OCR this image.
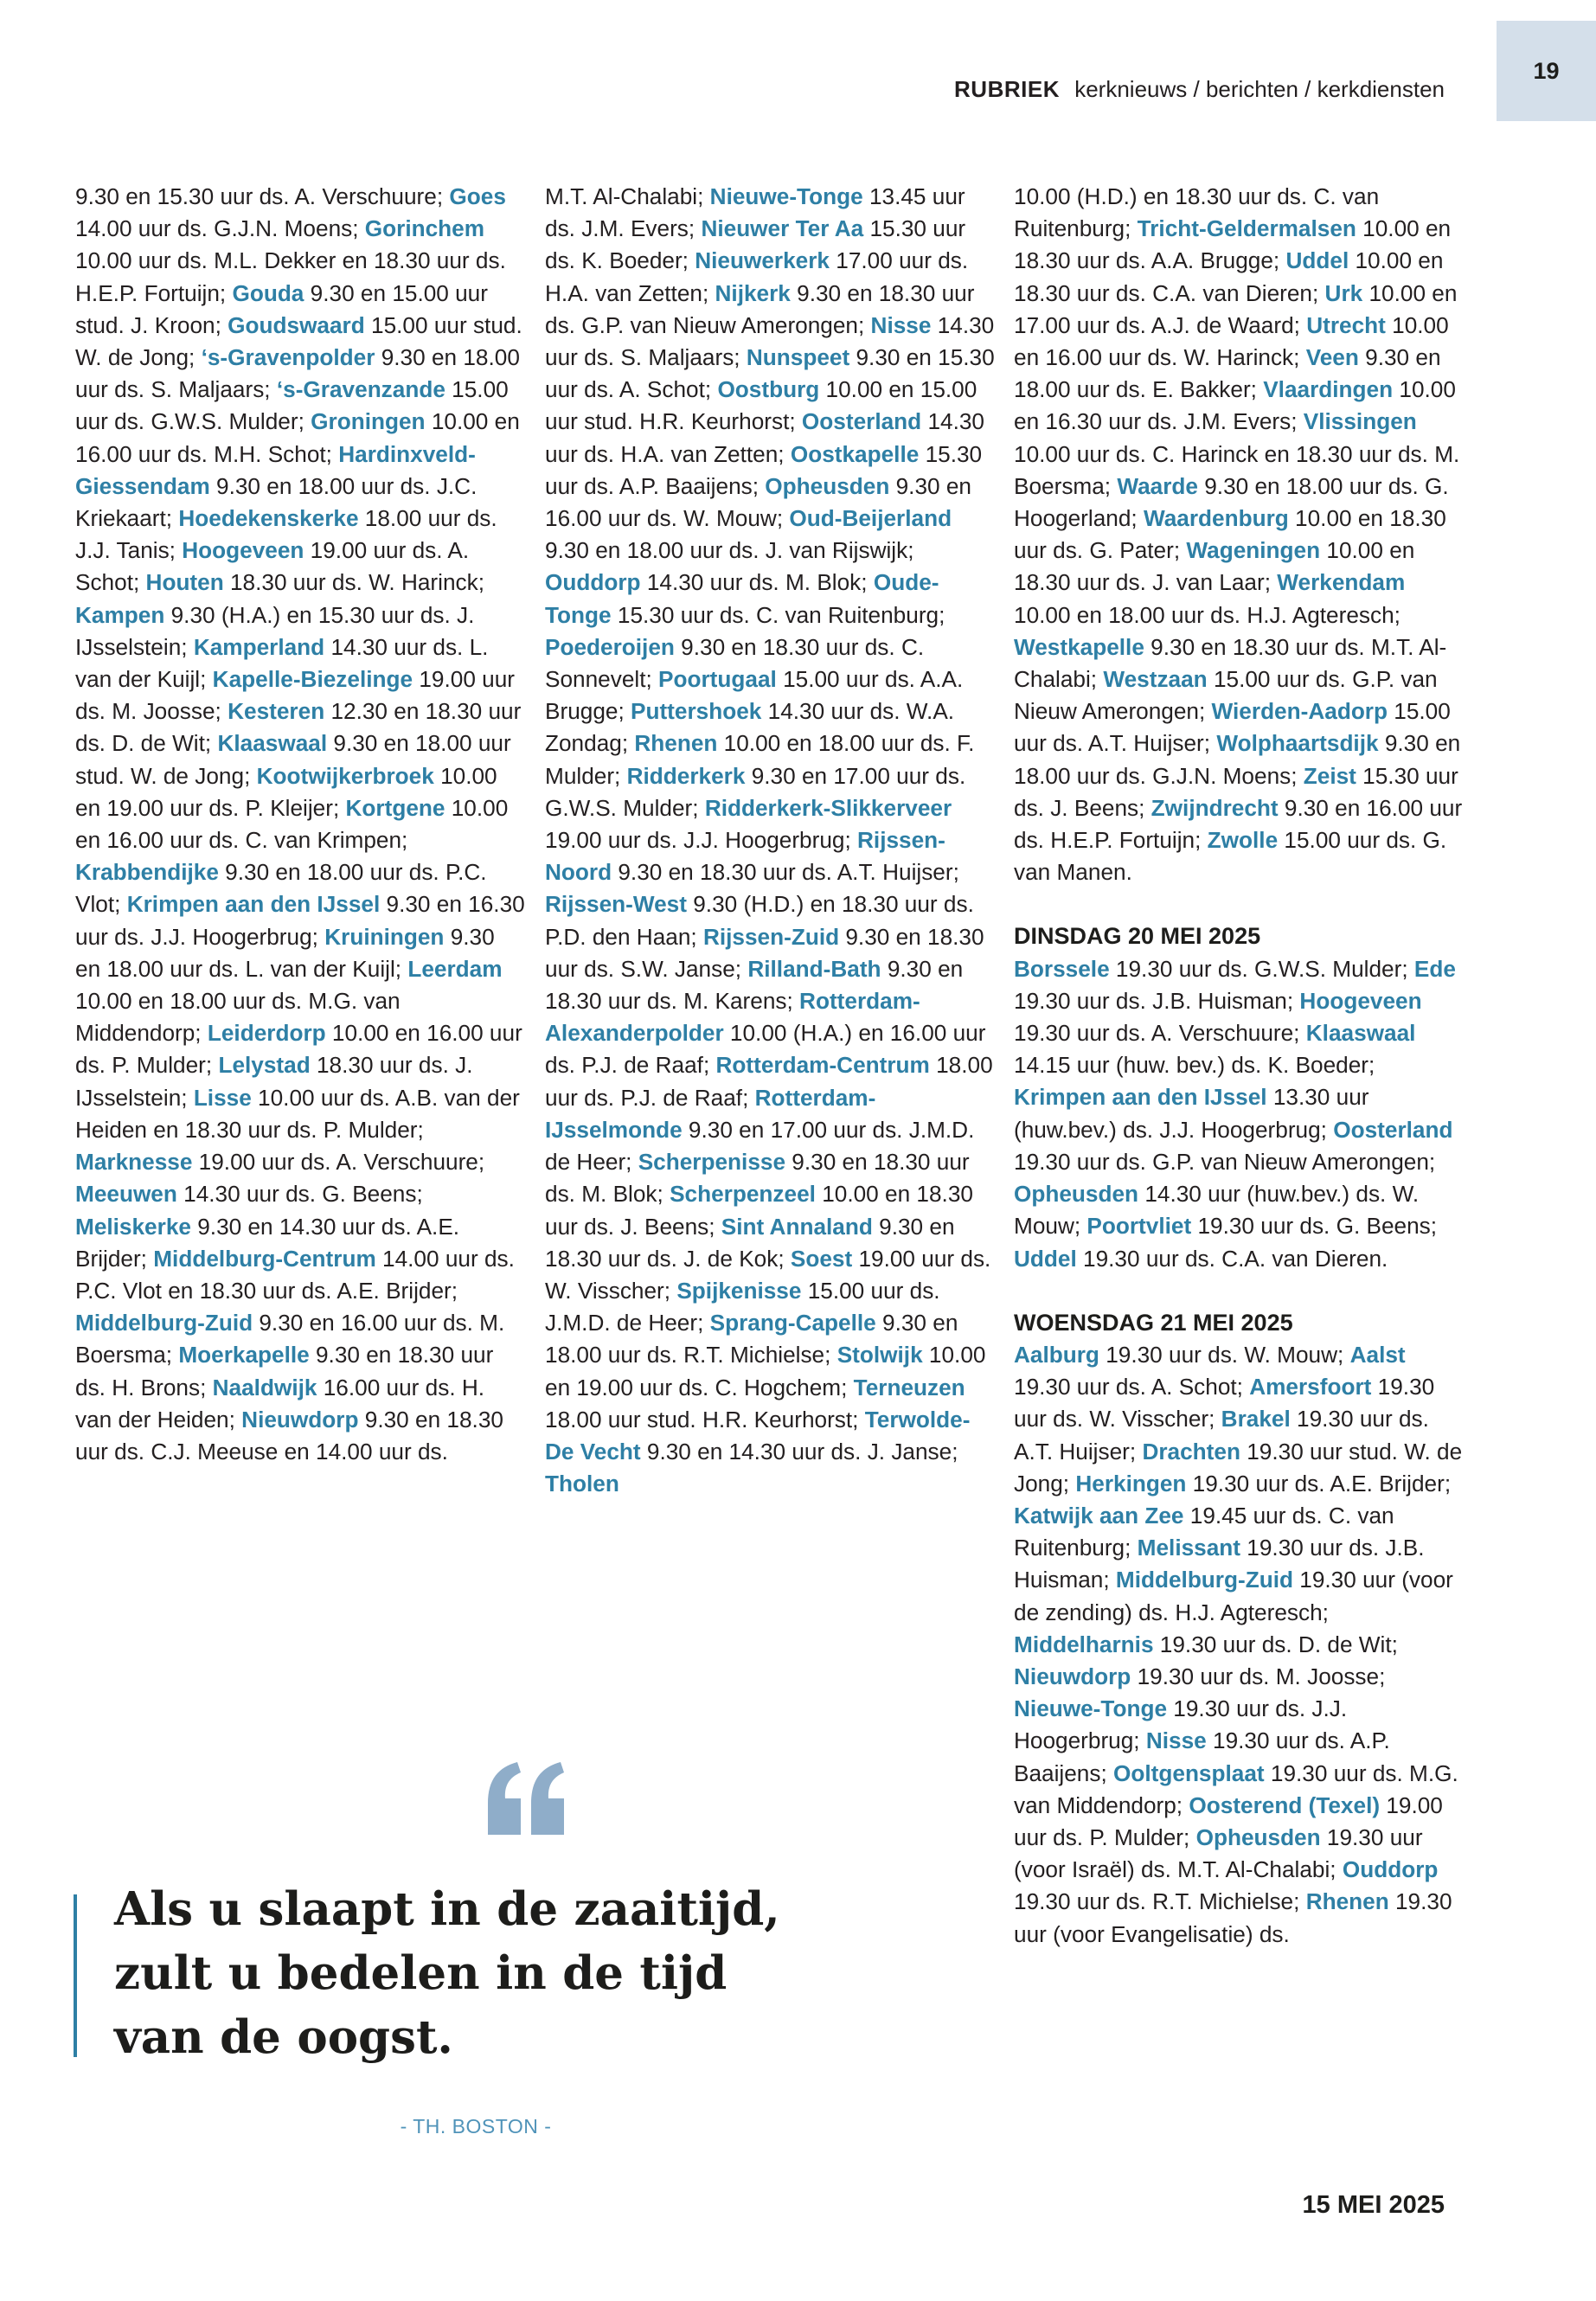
19
RUBRIEK kerknieuws / berichten / kerkdiensten

9.30 en 15.30 uur ds. A. Verschuure; Goes 14.00 uur ds. G.J.N. Moens; Gorinchem 10.00 uur ds. M.L. Dekker en 18.30 uur ds. H.E.P. Fortuijn; Gouda 9.30 en 15.00 uur stud. J. Kroon; Goudswaard 15.00 uur stud. W. de Jong; ‘s-Gravenpolder 9.30 en 18.00 uur ds. S. Maljaars; ‘s-Gravenzande 15.00 uur ds. G.W.S. Mulder; Groningen 10.00 en 16.00 uur ds. M.H. Schot; Hardinxveld-Giessendam 9.30 en 18.00 uur ds. J.C. Kriekaart; Hoedekenskerke 18.00 uur ds. J.J. Tanis; Hoogeveen 19.00 uur ds. A. Schot; Houten 18.30 uur ds. W. Harinck; Kampen 9.30 (H.A.) en 15.30 uur ds. J. IJsselstein; Kamperland 14.30 uur ds. L. van der Kuijl; Kapelle-Biezelinge 19.00 uur ds. M. Joosse; Kesteren 12.30 en 18.30 uur ds. D. de Wit; Klaaswaal 9.30 en 18.00 uur stud. W. de Jong; Kootwijkerbroek 10.00 en 19.00 uur ds. P. Kleijer; Kortgene 10.00 en 16.00 uur ds. C. van Krimpen; Krabbendijke 9.30 en 18.00 uur ds. P.C. Vlot; Krimpen aan den IJssel 9.30 en 16.30 uur ds. J.J. Hoogerbrug; Kruiningen 9.30 en 18.00 uur ds. L. van der Kuijl; Leerdam 10.00 en 18.00 uur ds. M.G. van Middendorp; Leiderdorp 10.00 en 16.00 uur ds. P. Mulder; Lelystad 18.30 uur ds. J. IJsselstein; Lisse 10.00 uur ds. A.B. van der Heiden en 18.30 uur ds. P. Mulder; Marknesse 19.00 uur ds. A. Verschuure; Meeuwen 14.30 uur ds. G. Beens; Meliskerke 9.30 en 14.30 uur ds. A.E. Brijder; Middelburg-Centrum 14.00 uur ds. P.C. Vlot en 18.30 uur ds. A.E. Brijder; Middelburg-Zuid 9.30 en 16.00 uur ds. M. Boersma; Moerkapelle 9.30 en 18.30 uur ds. H. Brons; Naaldwijk 16.00 uur ds. H. van der Heiden; Nieuwdorp 9.30 en 18.30 uur ds. C.J. Meeuse en 14.00 uur ds.

M.T. Al-Chalabi; Nieuwe-Tonge 13.45 uur ds. J.M. Evers; Nieuwer Ter Aa 15.30 uur ds. K. Boeder; Nieuwerkerk 17.00 uur ds. H.A. van Zetten; Nijkerk 9.30 en 18.30 uur ds. G.P. van Nieuw Amerongen; Nisse 14.30 uur ds. S. Maljaars; Nunspeet 9.30 en 15.30 uur ds. A. Schot; Oostburg 10.00 en 15.00 uur stud. H.R. Keurhorst; Oosterland 14.30 uur ds. H.A. van Zetten; Oostkapelle 15.30 uur ds. A.P. Baaijens; Opheusden 9.30 en 16.00 uur ds. W. Mouw; Oud-Beijerland 9.30 en 18.00 uur ds. J. van Rijswijk; Ouddorp 14.30 uur ds. M. Blok; Oude-Tonge 15.30 uur ds. C. van Ruitenburg; Poederoijen 9.30 en 18.30 uur ds. C. Sonnevelt; Poortugaal 15.00 uur ds. A.A. Brugge; Puttershoek 14.30 uur ds. W.A. Zondag; Rhenen 10.00 en 18.00 uur ds. F. Mulder; Ridderkerk 9.30 en 17.00 uur ds. G.W.S. Mulder; Ridderkerk-Slikkerveer 19.00 uur ds. J.J. Hoogerbrug; Rijssen-Noord 9.30 en 18.30 uur ds. A.T. Huijser; Rijssen-West 9.30 (H.D.) en 18.30 uur ds. P.D. den Haan; Rijssen-Zuid 9.30 en 18.30 uur ds. S.W. Janse; Rilland-Bath 9.30 en 18.30 uur ds. M. Karens; Rotterdam-Alexanderpolder 10.00 (H.A.) en 16.00 uur ds. P.J. de Raaf; Rotterdam-Centrum 18.00 uur ds. P.J. de Raaf; Rotterdam-IJsselmonde 9.30 en 17.00 uur ds. J.M.D. de Heer; Scherpenisse 9.30 en 18.30 uur ds. M. Blok; Scherpenzeel 10.00 en 18.30 uur ds. J. Beens; Sint Annaland 9.30 en 18.30 uur ds. J. de Kok; Soest 19.00 uur ds. W. Visscher; Spijkenisse 15.00 uur ds. J.M.D. de Heer; Sprang-Capelle 9.30 en 18.00 uur ds. R.T. Michielse; Stolwijk 10.00 en 19.00 uur ds. C. Hogchem; Terneuzen 18.00 uur stud. H.R. Keurhorst; Terwolde-De Vecht 9.30 en 14.30 uur ds. J. Janse; Tholen

10.00 (H.D.) en 18.30 uur ds. C. van Ruitenburg; Tricht-Geldermalsen 10.00 en 18.30 uur ds. A.A. Brugge; Uddel 10.00 en 18.30 uur ds. C.A. van Dieren; Urk 10.00 en 17.00 uur ds. A.J. de Waard; Utrecht 10.00 en 16.00 uur ds. W. Harinck; Veen 9.30 en 18.00 uur ds. E. Bakker; Vlaardingen 10.00 en 16.30 uur ds. J.M. Evers; Vlissingen 10.00 uur ds. C. Harinck en 18.30 uur ds. M. Boersma; Waarde 9.30 en 18.00 uur ds. G. Hoogerland; Waardenburg 10.00 en 18.30 uur ds. G. Pater; Wageningen 10.00 en 18.30 uur ds. J. van Laar; Werkendam 10.00 en 18.00 uur ds. H.J. Agteresch; Westkapelle 9.30 en 18.30 uur ds. M.T. Al-Chalabi; Westzaan 15.00 uur ds. G.P. van Nieuw Amerongen; Wierden-Aadorp 15.00 uur ds. A.T. Huijser; Wolphaartsdijk 9.30 en 18.00 uur ds. G.J.N. Moens; Zeist 15.30 uur ds. J. Beens; Zwijndrecht 9.30 en 16.00 uur ds. H.E.P. Fortuijn; Zwolle 15.00 uur ds. G. van Manen.

DINSDAG 20 MEI 2025

Borssele 19.30 uur ds. G.W.S. Mulder; Ede 19.30 uur ds. J.B. Huisman; Hoogeveen 19.30 uur ds. A. Verschuure; Klaaswaal 14.15 uur (huw. bev.) ds. K. Boeder; Krimpen aan den IJssel 13.30 uur (huw.bev.) ds. J.J. Hoogerbrug; Oosterland 19.30 uur ds. G.P. van Nieuw Amerongen; Opheusden 14.30 uur (huw.bev.) ds. W. Mouw; Poortvliet 19.30 uur ds. G. Beens; Uddel 19.30 uur ds. C.A. van Dieren.

WOENSDAG 21 MEI 2025

Aalburg 19.30 uur ds. W. Mouw; Aalst 19.30 uur ds. A. Schot; Amersfoort 19.30 uur ds. W. Visscher; Brakel 19.30 uur ds. A.T. Huijser; Drachten 19.30 uur stud. W. de Jong; Herkingen 19.30 uur ds. A.E. Brijder; Katwijk aan Zee 19.45 uur ds. C. van Ruitenburg; Melissant 19.30 uur ds. J.B. Huisman; Middelburg-Zuid 19.30 uur (voor de zending) ds. H.J. Agteresch; Middelharnis 19.30 uur ds. D. de Wit; Nieuwdorp 19.30 uur ds. M. Joosse; Nieuwe-Tonge 19.30 uur ds. J.J. Hoogerbrug; Nisse 19.30 uur ds. A.P. Baaijens; Ooltgensplaat 19.30 uur ds. M.G. van Middendorp; Oosterend (Texel) 19.00 uur ds. P. Mulder; Opheusden 19.30 uur (voor Israël) ds. M.T. Al-Chalabi; Ouddorp 19.30 uur ds. R.T. Michielse; Rhenen 19.30 uur (voor Evangelisatie) ds.

Als u slaapt in de zaaitijd,
zult u bedelen in de tijd
van de oogst.

- TH. BOSTON -
15 MEI 2025
